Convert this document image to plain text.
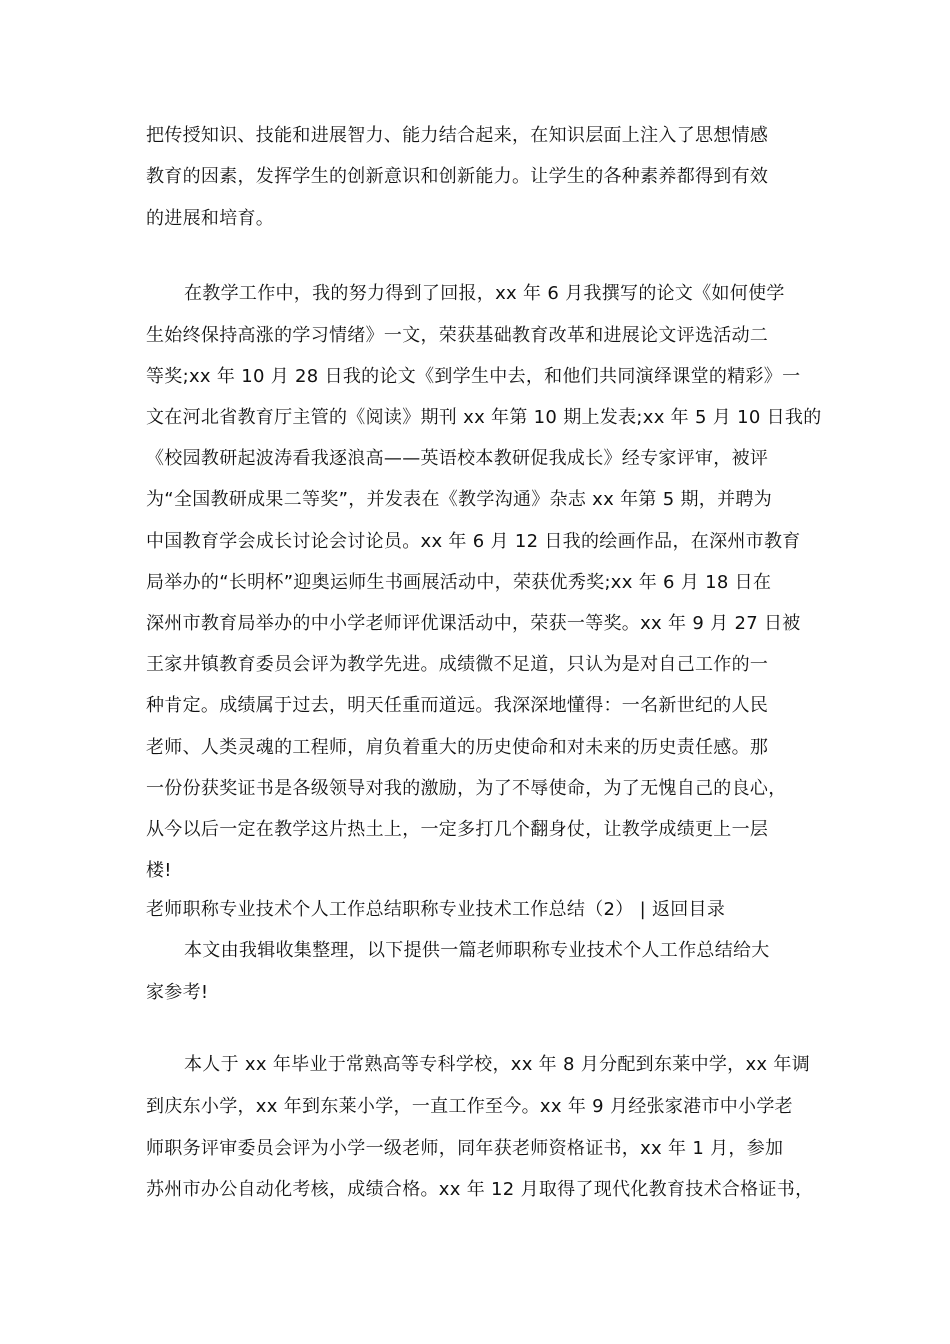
把传授知识、技能和进展智力、能力结合起来，在知识层面上注入了思想情感
教育的因素，发挥学生的创新意识和创新能力。让学生的各种素养都得到有效
的进展和培育。
在教学工作中，我的努力得到了回报，xx 年 6 月我撰写的论文《如何使学
生始终保持高涨的学习情绪》一文，荣获基础教育改革和进展论文评选活动二
等奖;xx 年 10 月 28 日我的论文《到学生中去，和他们共同演绎课堂的精彩》一
文在河北省教育厅主管的《阅读》期刊 xx 年第 10 期上发表;xx 年 5 月 10 日我的
《校园教研起波涛看我逐浪高——英语校本教研促我成长》经专家评审，被评
为“全国教研成果二等奖”，并发表在《教学沟通》杂志 xx 年第 5 期，并聘为
中国教育学会成长讨论会讨论员。xx 年 6 月 12 日我的绘画作品，在深州市教育
局举办的“长明杯”迎奥运师生书画展活动中，荣获优秀奖;xx 年 6 月 18 日在
深州市教育局举办的中小学老师评优课活动中，荣获一等奖。xx 年 9 月 27 日被
王家井镇教育委员会评为教学先进。成绩微不足道，只认为是对自己工作的一
种肯定。成绩属于过去，明天任重而道远。我深深地懂得：一名新世纪的人民
老师、人类灵魂的工程师，肩负着重大的历史使命和对未来的历史责任感。那
一份份获奖证书是各级领导对我的激励，为了不辱使命，为了无愧自己的良心，
从今以后一定在教学这片热土上，一定多打几个翻身仗，让教学成绩更上一层
楼!
老师职称专业技术个人工作总结职称专业技术工作总结（2） | 返回目录
本文由我辑收集整理，以下提供一篇老师职称专业技术个人工作总结给大
家参考!
本人于 xx 年毕业于常熟高等专科学校，xx 年 8 月分配到东莱中学，xx 年调
到庆东小学，xx 年到东莱小学，一直工作至今。xx 年 9 月经张家港市中小学老
师职务评审委员会评为小学一级老师，同年获老师资格证书，xx 年 1 月，参加
苏州市办公自动化考核，成绩合格。xx 年 12 月取得了现代化教育技术合格证书，
